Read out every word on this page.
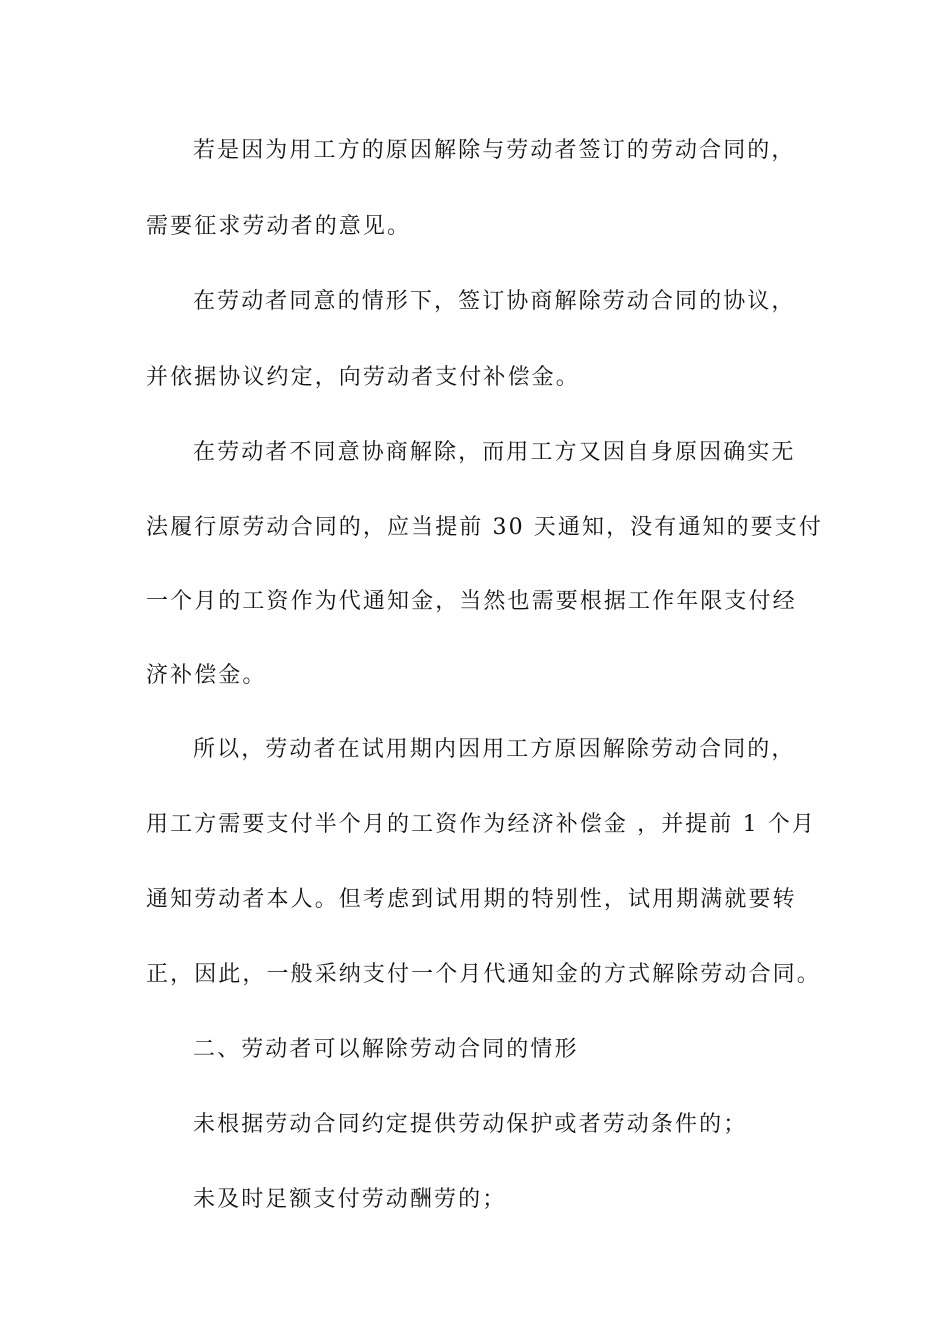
若是因为用工方的原因解除与劳动者签订的劳动合同的，

需要征求劳动者的意见。

在劳动者同意的情形下，签订协商解除劳动合同的协议，

并依据协议约定，向劳动者支付补偿金。

在劳动者不同意协商解除，而用工方又因自身原因确实无

法履行原劳动合同的，应当提前 30 天通知，没有通知的要支付

一个月的工资作为代通知金，当然也需要根据工作年限支付经

济补偿金。

所以，劳动者在试用期内因用工方原因解除劳动合同的，

用工方需要支付半个月的工资作为经济补偿金 ，并提前 1 个月

通知劳动者本人。但考虑到试用期的特别性，试用期满就要转

正，因此，一般采纳支付一个月代通知金的方式解除劳动合同。

二、劳动者可以解除劳动合同的情形

未根据劳动合同约定提供劳动保护或者劳动条件的；

未及时足额支付劳动酬劳的；
